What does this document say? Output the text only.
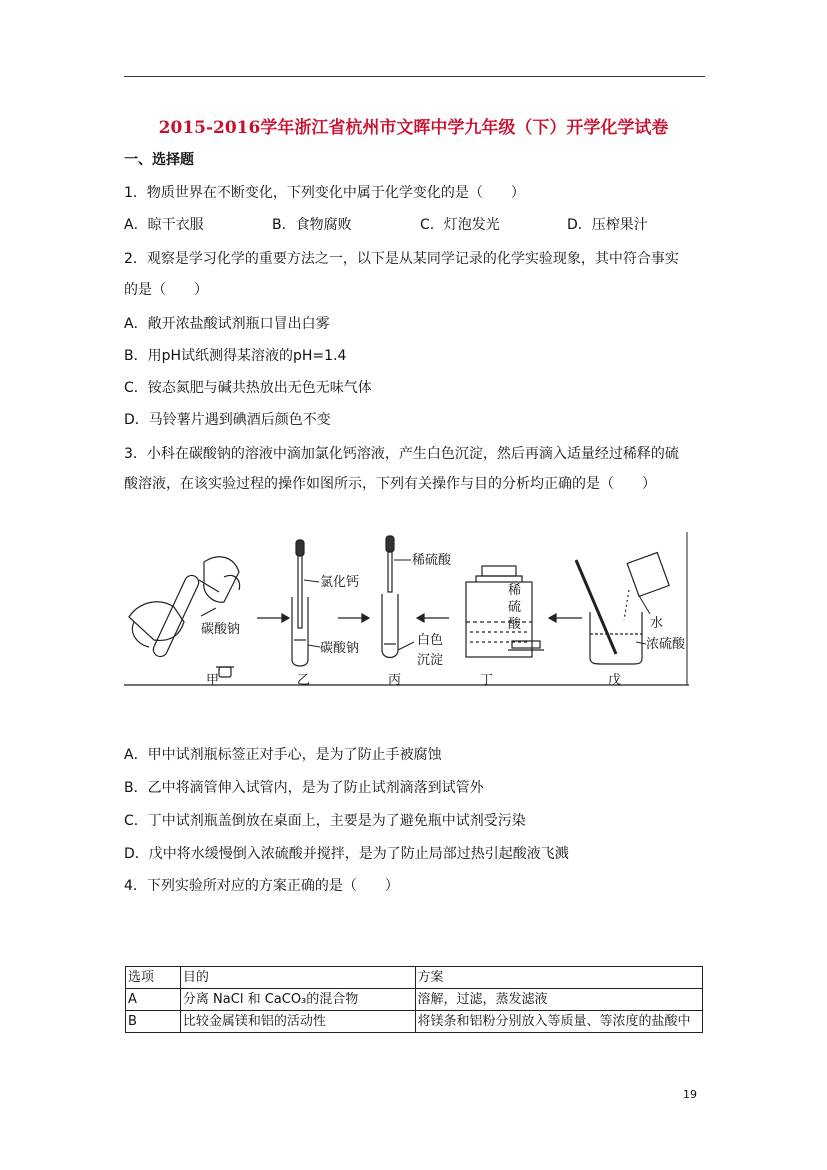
2015-2016学年浙江省杭州市文晖中学九年级（下）开学化学试卷
一、选择题
1．物质世界在不断变化，下列变化中属于化学变化的是（　　）
A．晾干衣服	B．食物腐败	C．灯泡发光	D．压榨果汁
2．观察是学习化学的重要方法之一，以下是从某同学记录的化学实验现象，其中符合事实
的是（　　）
A．敞开浓盐酸试剂瓶口冒出白雾
B．用pH试纸测得某溶液的pH=1.4
C．铵态氮肥与碱共热放出无色无味气体
D．马铃薯片遇到碘酒后颜色不变
3．小科在碳酸钠的溶液中滴加氯化钙溶液，产生白色沉淀，然后再滴入适量经过稀释的硫
酸溶液，在该实验过程的操作如图所示，下列有关操作与目的分析均正确的是（　　）
碳酸钠
氯化钙
碳酸钠
稀硫酸
白色
沉淀
稀
硫
酸	水
浓硫酸
甲	乙	丙	丁	戊
A．甲中试剂瓶标签正对手心，是为了防止手被腐蚀
B．乙中将滴管伸入试管内，是为了防止试剂滴落到试管外
C．丁中试剂瓶盖倒放在桌面上，主要是为了避免瓶中试剂受污染
D．戊中将水缓慢倒入浓硫酸并搅拌，是为了防止局部过热引起酸液飞溅
4．下列实验所对应的方案正确的是（　　）
选项	目的	方案
A	分离 NaCl 和 CaCO₃的混合物	溶解，过滤，蒸发滤液
B	比较金属镁和铝的活动性	将镁条和铝粉分别放入等质量、等浓度的盐酸中
19
